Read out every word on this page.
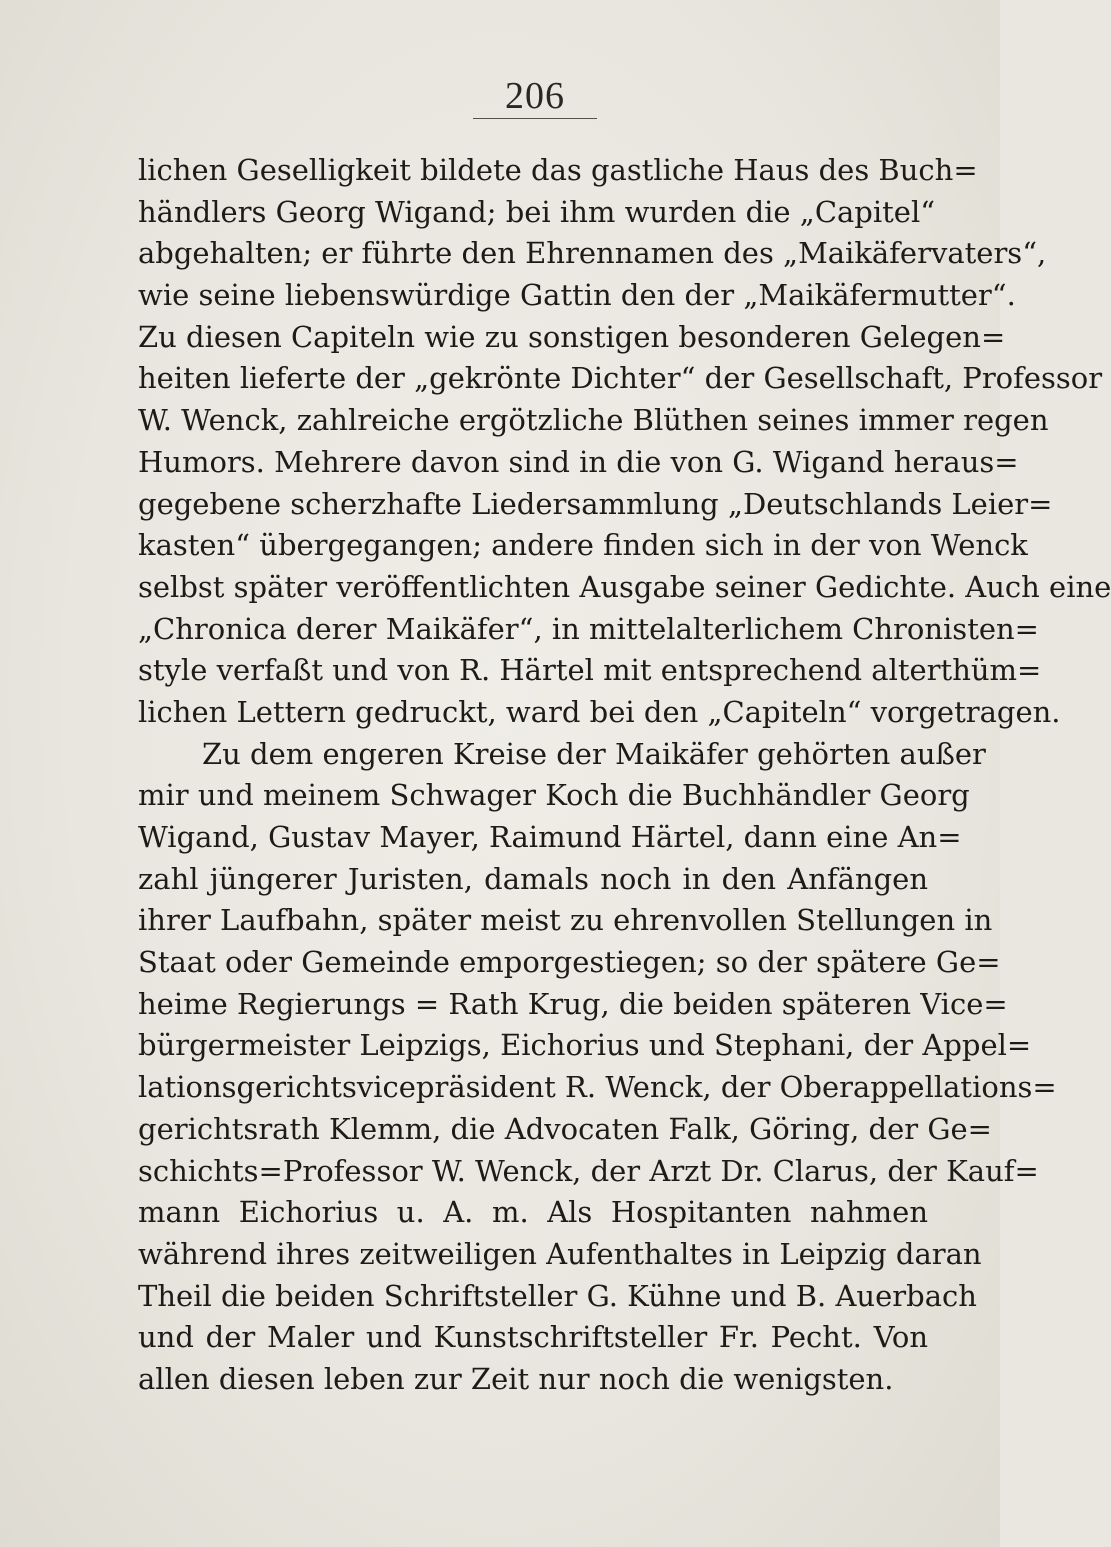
206
lichen Geselligkeit bildete das gastliche Haus des Buch=
händlers Georg Wigand; bei ihm wurden die „Capitel“
abgehalten; er führte den Ehrennamen des „Maikäfervaters“,
wie seine liebenswürdige Gattin den der „Maikäfermutter“.
Zu diesen Capiteln wie zu sonstigen besonderen Gelegen=
heiten lieferte der „gekrönte Dichter“ der Gesellschaft, Professor
W. Wenck, zahlreiche ergötzliche Blüthen seines immer regen
Humors. Mehrere davon sind in die von G. Wigand heraus=
gegebene scherzhafte Liedersammlung „Deutschlands Leier=
kasten“ übergegangen; andere finden sich in der von Wenck
selbst später veröffentlichten Ausgabe seiner Gedichte. Auch eine
„Chronica derer Maikäfer“, in mittelalterlichem Chronisten=
style verfaßt und von R. Härtel mit entsprechend alterthüm=
lichen Lettern gedruckt, ward bei den „Capiteln“ vorgetragen.
Zu dem engeren Kreise der Maikäfer gehörten außer
mir und meinem Schwager Koch die Buchhändler Georg
Wigand, Gustav Mayer, Raimund Härtel, dann eine An=
zahl jüngerer Juristen, damals noch in den Anfängen
ihrer Laufbahn, später meist zu ehrenvollen Stellungen in
Staat oder Gemeinde emporgestiegen; so der spätere Ge=
heime Regierungs = Rath Krug, die beiden späteren Vice=
bürgermeister Leipzigs, Eichorius und Stephani, der Appel=
lationsgerichtsvicepräsident R. Wenck, der Oberappellations=
gerichtsrath Klemm, die Advocaten Falk, Göring, der Ge=
schichts=Professor W. Wenck, der Arzt Dr. Clarus, der Kauf=
mann Eichorius u. A. m. Als Hospitanten nahmen
während ihres zeitweiligen Aufenthaltes in Leipzig daran
Theil die beiden Schriftsteller G. Kühne und B. Auerbach
und der Maler und Kunstschriftsteller Fr. Pecht. Von
allen diesen leben zur Zeit nur noch die wenigsten.
